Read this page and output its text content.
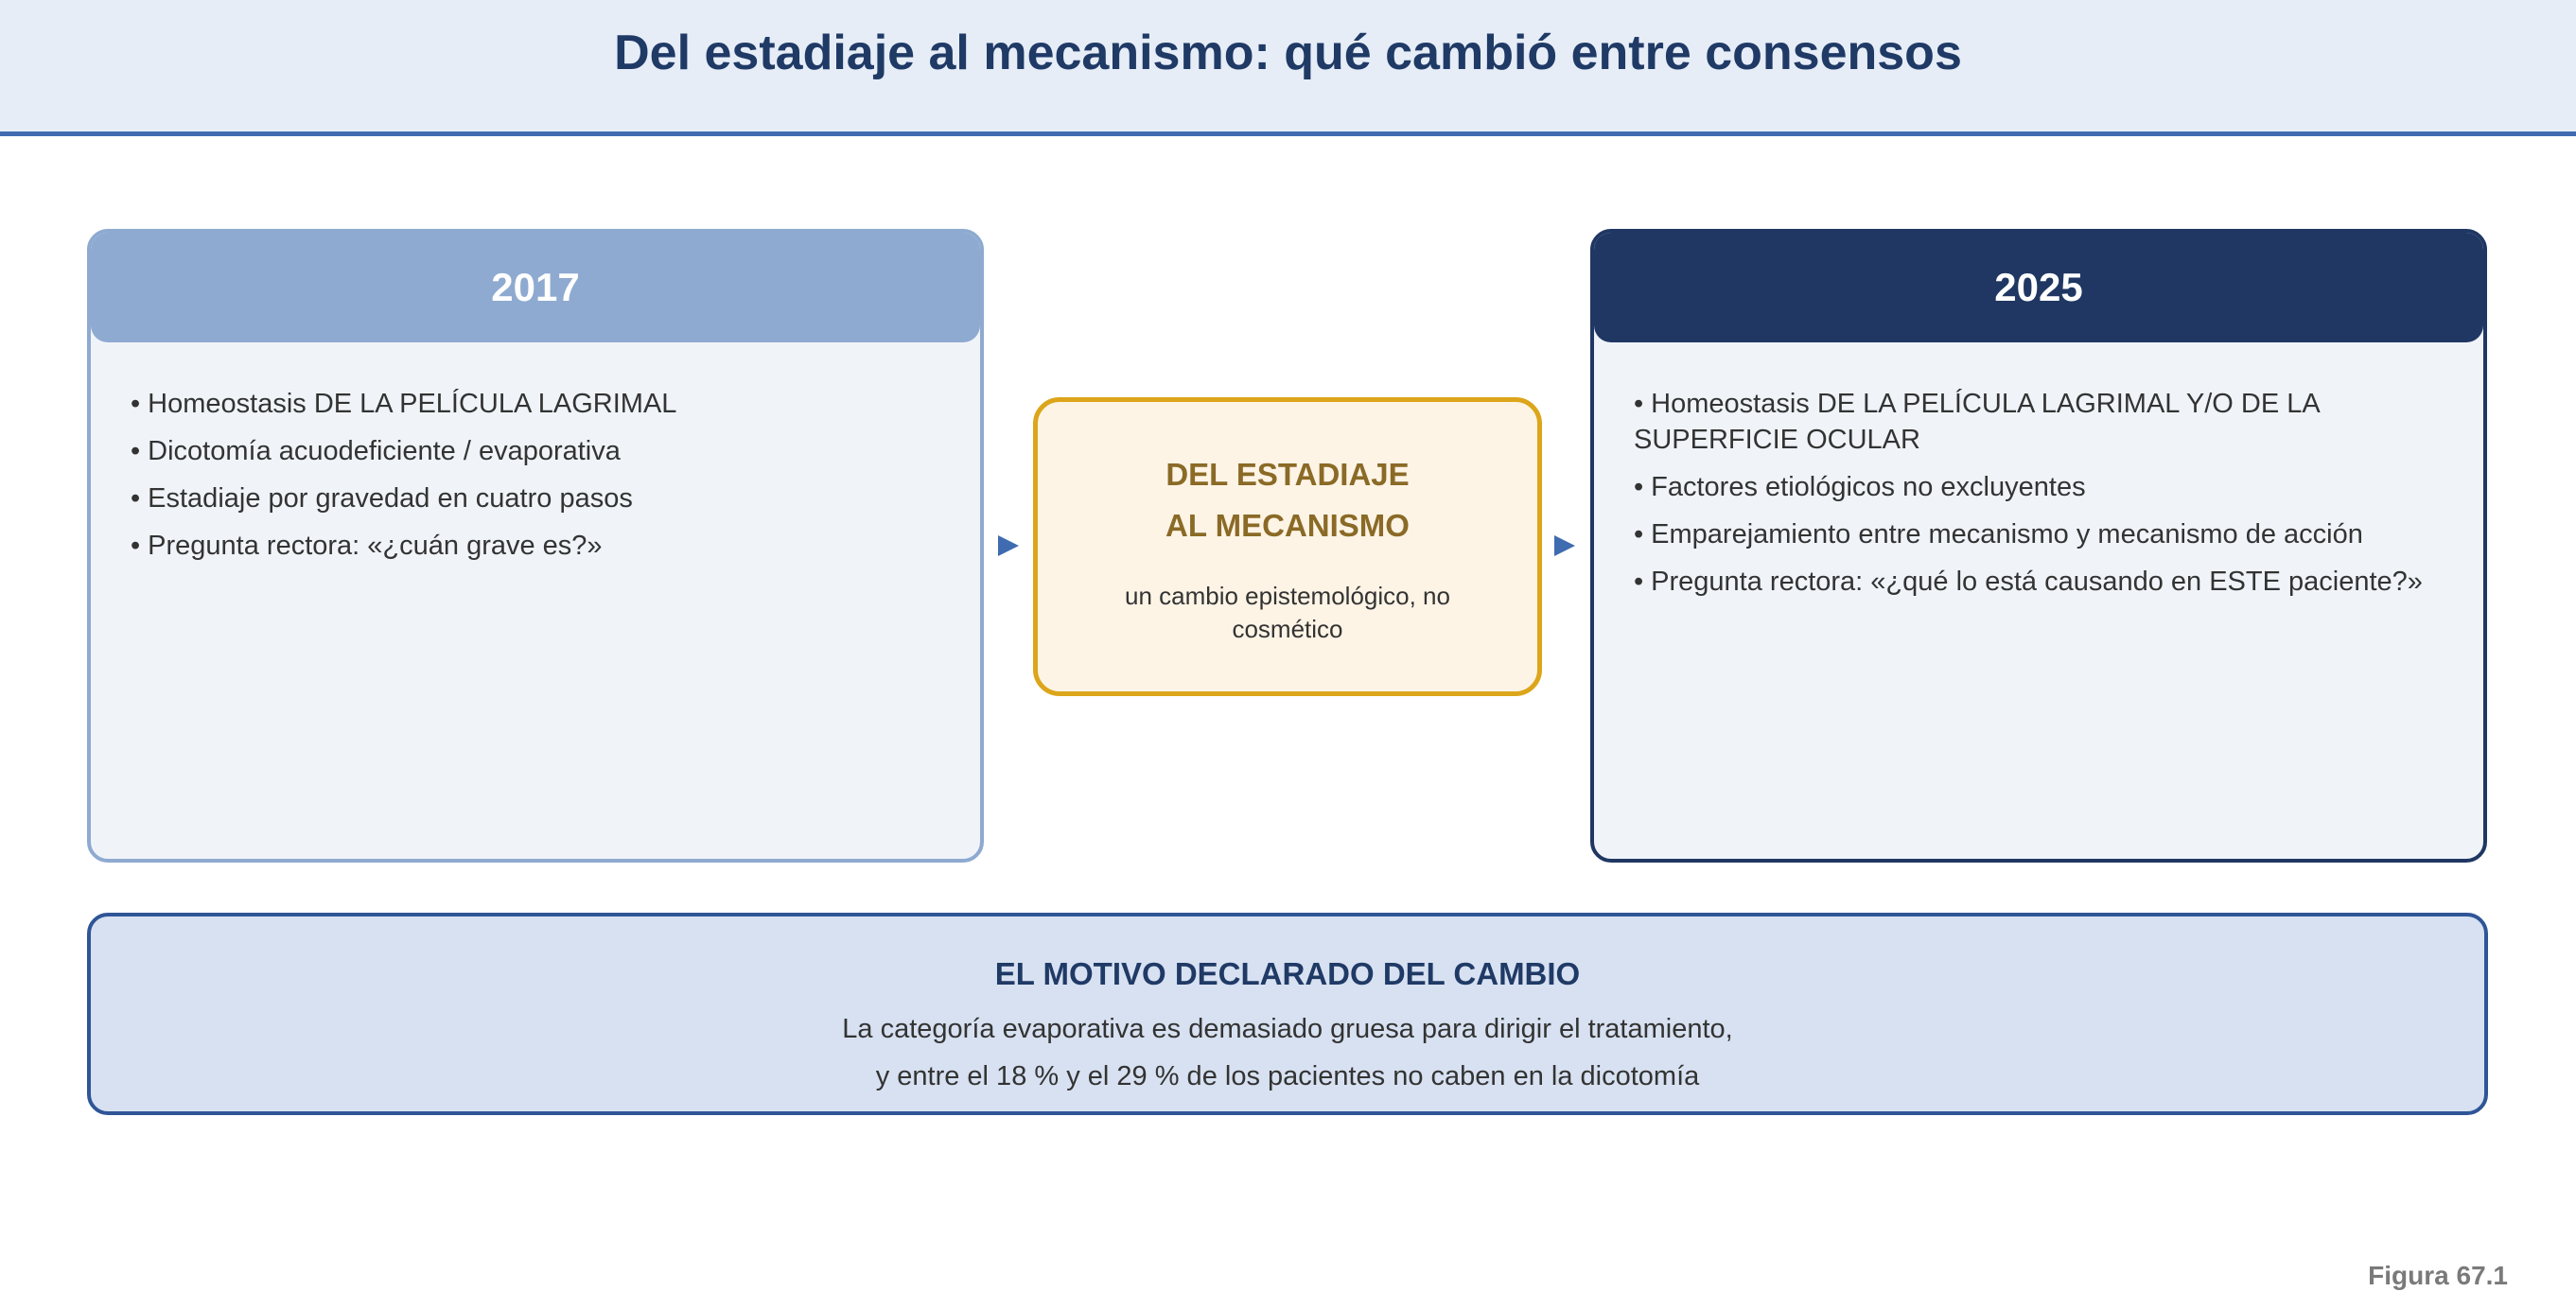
Del estadiaje al mecanismo: qué cambió entre consensos
2017
• Homeostasis DE LA PELÍCULA LAGRIMAL
• Dicotomía acuodeficiente / evaporativa
• Estadiaje por gravedad en cuatro pasos
• Pregunta rectora: «¿cuán grave es?»
DEL ESTADIAJE
AL MECANISMO
un cambio epistemológico, no cosmético
2025
• Homeostasis DE LA PELÍCULA LAGRIMAL Y/O DE LA SUPERFICIE OCULAR
• Factores etiológicos no excluyentes
• Emparejamiento entre mecanismo y mecanismo de acción
• Pregunta rectora: «¿qué lo está causando en ESTE paciente?»
EL MOTIVO DECLARADO DEL CAMBIO
La categoría evaporativa es demasiado gruesa para dirigir el tratamiento,
y entre el 18 % y el 29 % de los pacientes no caben en la dicotomía
Figura 67.1
